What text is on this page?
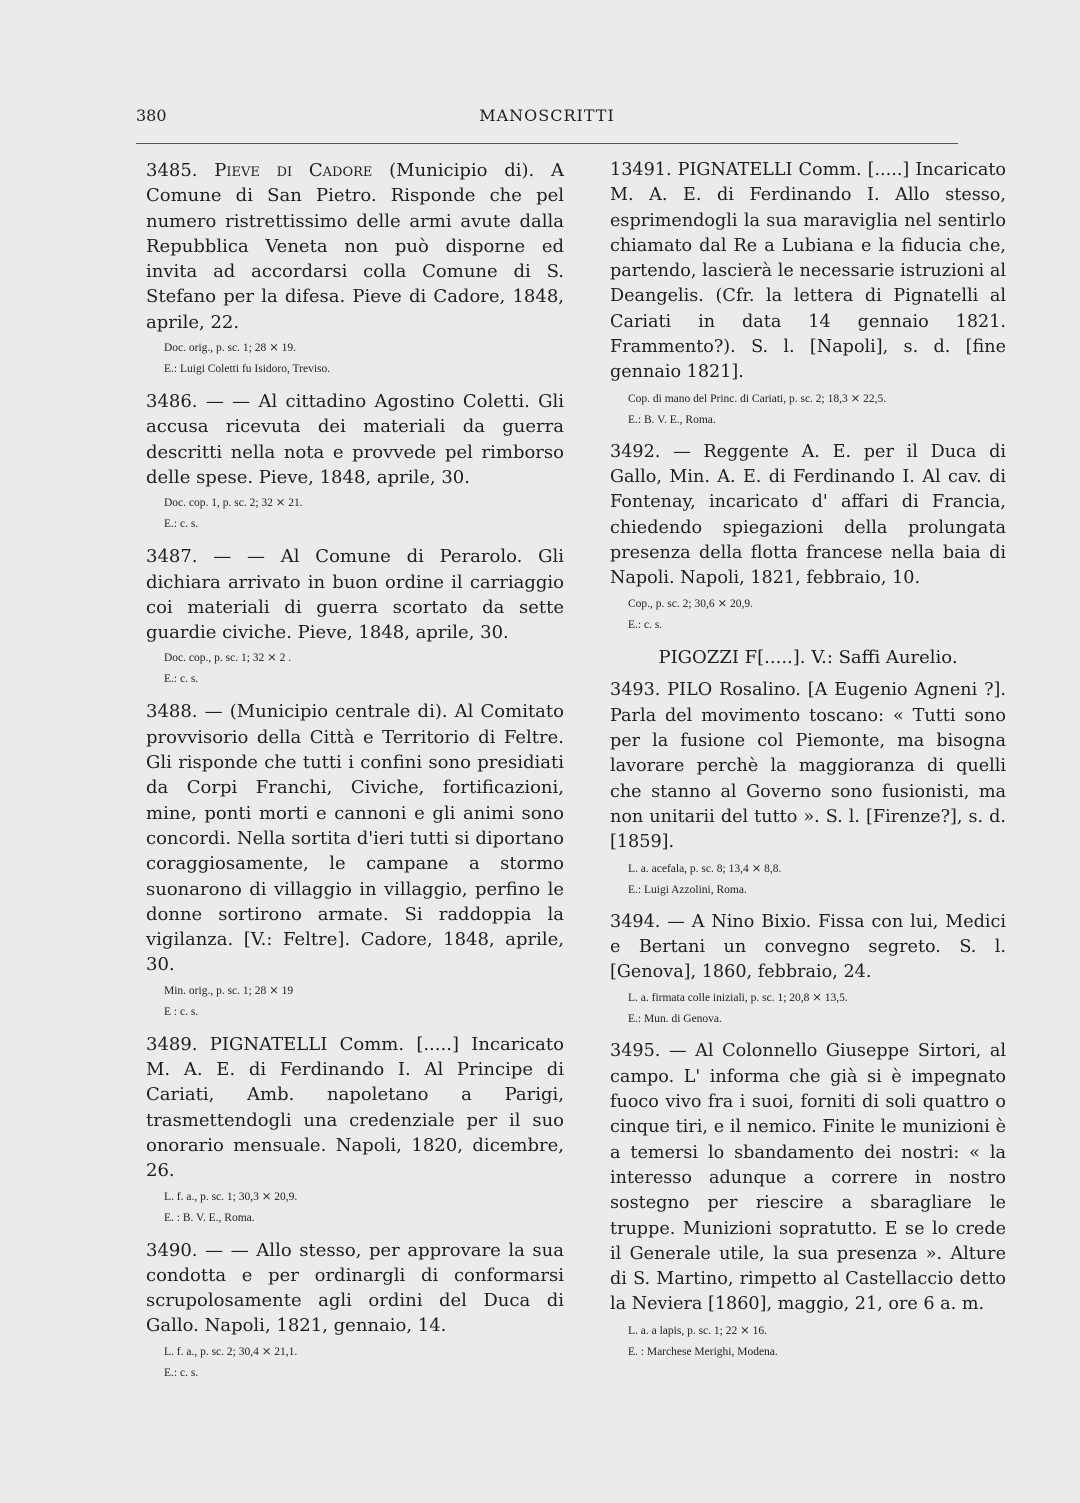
380	MANOSCRITTI

3485. Pieve di Cadore (Municipio di). A Comune di San Pietro. Risponde che pel numero ristrettissimo delle armi avute dalla Repubblica Veneta non può disporne ed invita ad accordarsi colla Comune di S. Stefano per la difesa. Pieve di Cadore, 1848, aprile, 22.

Doc. orig., p. sc. 1; 28 ⨯ 19.
E.: Luigi Coletti fu Isidoro, Treviso.

3486. — — Al cittadino Agostino Coletti. Gli accusa ricevuta dei materiali da guerra descritti nella nota e provvede pel rimborso delle spese. Pieve, 1848, aprile, 30.

Doc. cop. 1, p. sc. 2; 32 ⨯ 21.
E.: c. s.

3487. — — Al Comune di Perarolo. Gli dichiara arrivato in buon ordine il carriaggio coi materiali di guerra scortato da sette guardie civiche. Pieve, 1848, aprile, 30.

Doc. cop., p. sc. 1; 32 ⨯ 2 .
E.: c. s.

3488. — (Municipio centrale di). Al Comitato provvisorio della Città e Territorio di Feltre. Gli risponde che tutti i confini sono presidiati da Corpi Franchi, Civiche, fortificazioni, mine, ponti morti e cannoni e gli animi sono concordi. Nella sortita d'ieri tutti si diportano coraggiosamente, le campane a stormo suonarono di villaggio in villaggio, perfino le donne sortirono armate. Si raddoppia la vigilanza. [V.: Feltre]. Cadore, 1848, aprile, 30.

Min. orig., p. sc. 1; 28 ⨯ 19
E : c. s.

3489. PIGNATELLI Comm. [.....] Incaricato M. A. E. di Ferdinando I. Al Principe di Cariati, Amb. napoletano a Parigi, trasmettendogli una credenziale per il suo onorario mensuale. Napoli, 1820, dicembre, 26.

L. f. a., p. sc. 1; 30,3 ⨯ 20,9.
E. : B. V. E., Roma.

3490. — — Allo stesso, per approvare la sua condotta e per ordinargli di conformarsi scrupolosamente agli ordini del Duca di Gallo. Napoli, 1821, gennaio, 14.

L. f. a., p. sc. 2; 30,4 ⨯ 21,1.
E.: c. s.

13491. PIGNATELLI Comm. [.....] Incaricato M. A. E. di Ferdinando I. Allo stesso, esprimendogli la sua maraviglia nel sentirlo chiamato dal Re a Lubiana e la fiducia che, partendo, lascierà le necessarie istruzioni al Deangelis. (Cfr. la lettera di Pignatelli al Cariati in data 14 gennaio 1821. Frammento?). S. l. [Napoli], s. d. [fine gennaio 1821].

Cop. di mano del Princ. di Cariati, p. sc. 2; 18,3 ⨯ 22,5.
E.: B. V. E., Roma.

3492. — Reggente A. E. per il Duca di Gallo, Min. A. E. di Ferdinando I. Al cav. di Fontenay, incaricato d' affari di Francia, chiedendo spiegazioni della prolungata presenza della flotta francese nella baia di Napoli. Napoli, 1821, febbraio, 10.

Cop., p. sc. 2; 30,6 ⨯ 20,9.
E.: c. s.

PIGOZZI F[.....]. V.: Saffi Aurelio.

3493. PILO Rosalino. [A Eugenio Agneni ?]. Parla del movimento toscano: « Tutti sono per la fusione col Piemonte, ma bisogna lavorare perchè la maggioranza di quelli che stanno al Governo sono fusionisti, ma non unitarii del tutto ». S. l. [Firenze?], s. d. [1859].

L. a. acefala, p. sc. 8; 13,4 ⨯ 8,8.
E.: Luigi Azzolini, Roma.

3494. — A Nino Bixio. Fissa con lui, Medici e Bertani un convegno segreto. S. l. [Genova], 1860, febbraio, 24.

L. a. firmata colle iniziali, p. sc. 1; 20,8 ⨯ 13,5.
E.: Mun. di Genova.

3495. — Al Colonnello Giuseppe Sirtori, al campo. L' informa che già si è impegnato fuoco vivo fra i suoi, forniti di soli quattro o cinque tiri, e il nemico. Finite le munizioni è a temersi lo sbandamento dei nostri: « la interesso adunque a correre in nostro sostegno per riescire a sbaragliare le truppe. Munizioni sopratutto. E se lo crede il Generale utile, la sua presenza ». Alture di S. Martino, rimpetto al Castellaccio detto la Neviera [1860], maggio, 21, ore 6 a. m.

L. a. a lapis, p. sc. 1; 22 ⨯ 16.
E. : Marchese Merighi, Modena.
